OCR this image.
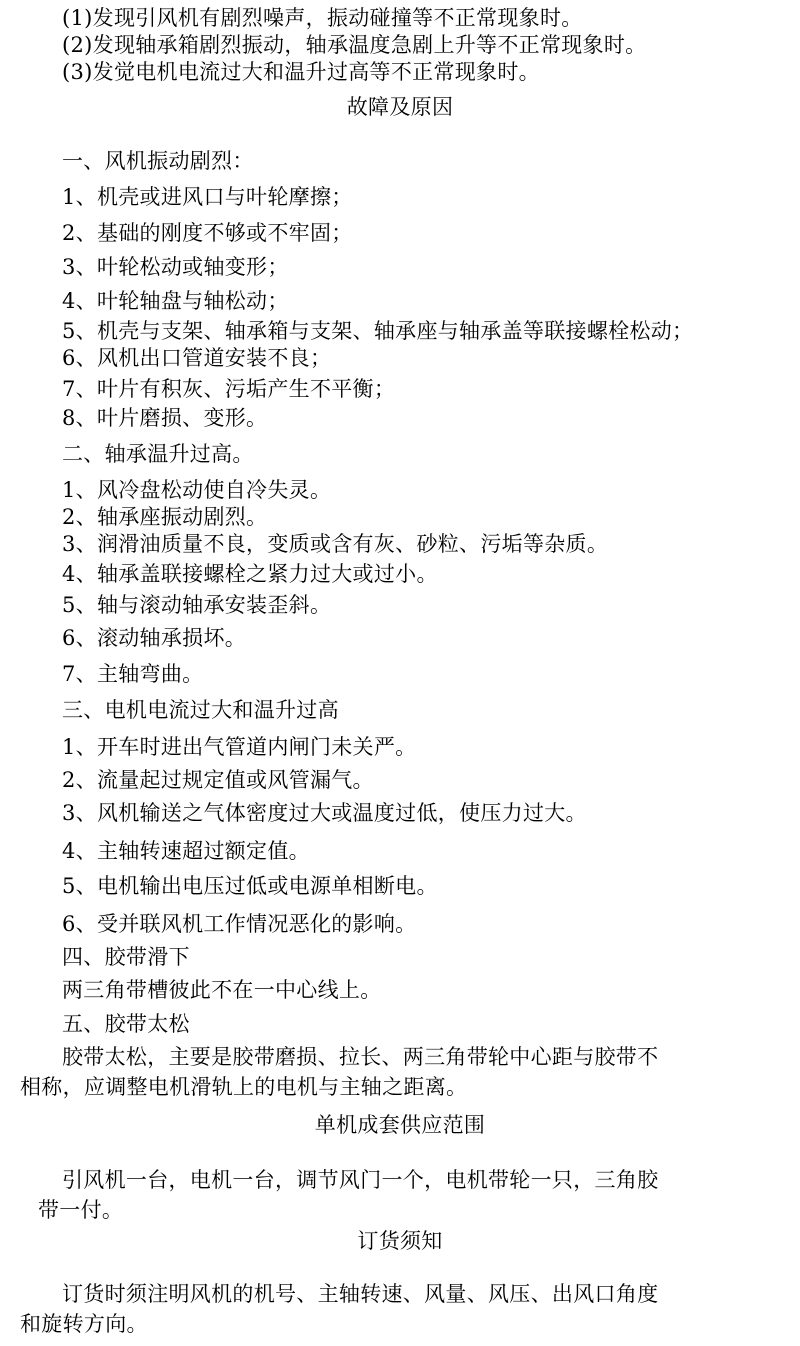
(1)发现引风机有剧烈噪声，振动碰撞等不正常现象时。
(2)发现轴承箱剧烈振动，轴承温度急剧上升等不正常现象时。
(3)发觉电机电流过大和温升过高等不正常现象时。
故障及原因
一、风机振动剧烈：
1、机壳或进风口与叶轮摩擦；
2、基础的刚度不够或不牢固；
3、叶轮松动或轴变形；
4、叶轮轴盘与轴松动；
5、机壳与支架、轴承箱与支架、轴承座与轴承盖等联接螺栓松动；
6、风机出口管道安装不良；
7、叶片有积灰、污垢产生不平衡；
8、叶片磨损、变形。
二、轴承温升过高。
1、风冷盘松动使自冷失灵。
2、轴承座振动剧烈。
3、润滑油质量不良，变质或含有灰、砂粒、污垢等杂质。
4、轴承盖联接螺栓之紧力过大或过小。
5、轴与滚动轴承安装歪斜。
6、滚动轴承损坏。
7、主轴弯曲。
三、电机电流过大和温升过高
1、开车时进出气管道内闸门未关严。
2、流量起过规定值或风管漏气。
3、风机输送之气体密度过大或温度过低，使压力过大。
4、主轴转速超过额定值。
5、电机输出电压过低或电源单相断电。
6、受并联风机工作情况恶化的影响。
四、胶带滑下
两三角带槽彼此不在一中心线上。
五、胶带太松
胶带太松，主要是胶带磨损、拉长、两三角带轮中心距与胶带不
相称，应调整电机滑轨上的电机与主轴之距离。
单机成套供应范围
引风机一台，电机一台，调节风门一个，电机带轮一只，三角胶
带一付。
订货须知
订货时须注明风机的机号、主轴转速、风量、风压、出风口角度
和旋转方向。
